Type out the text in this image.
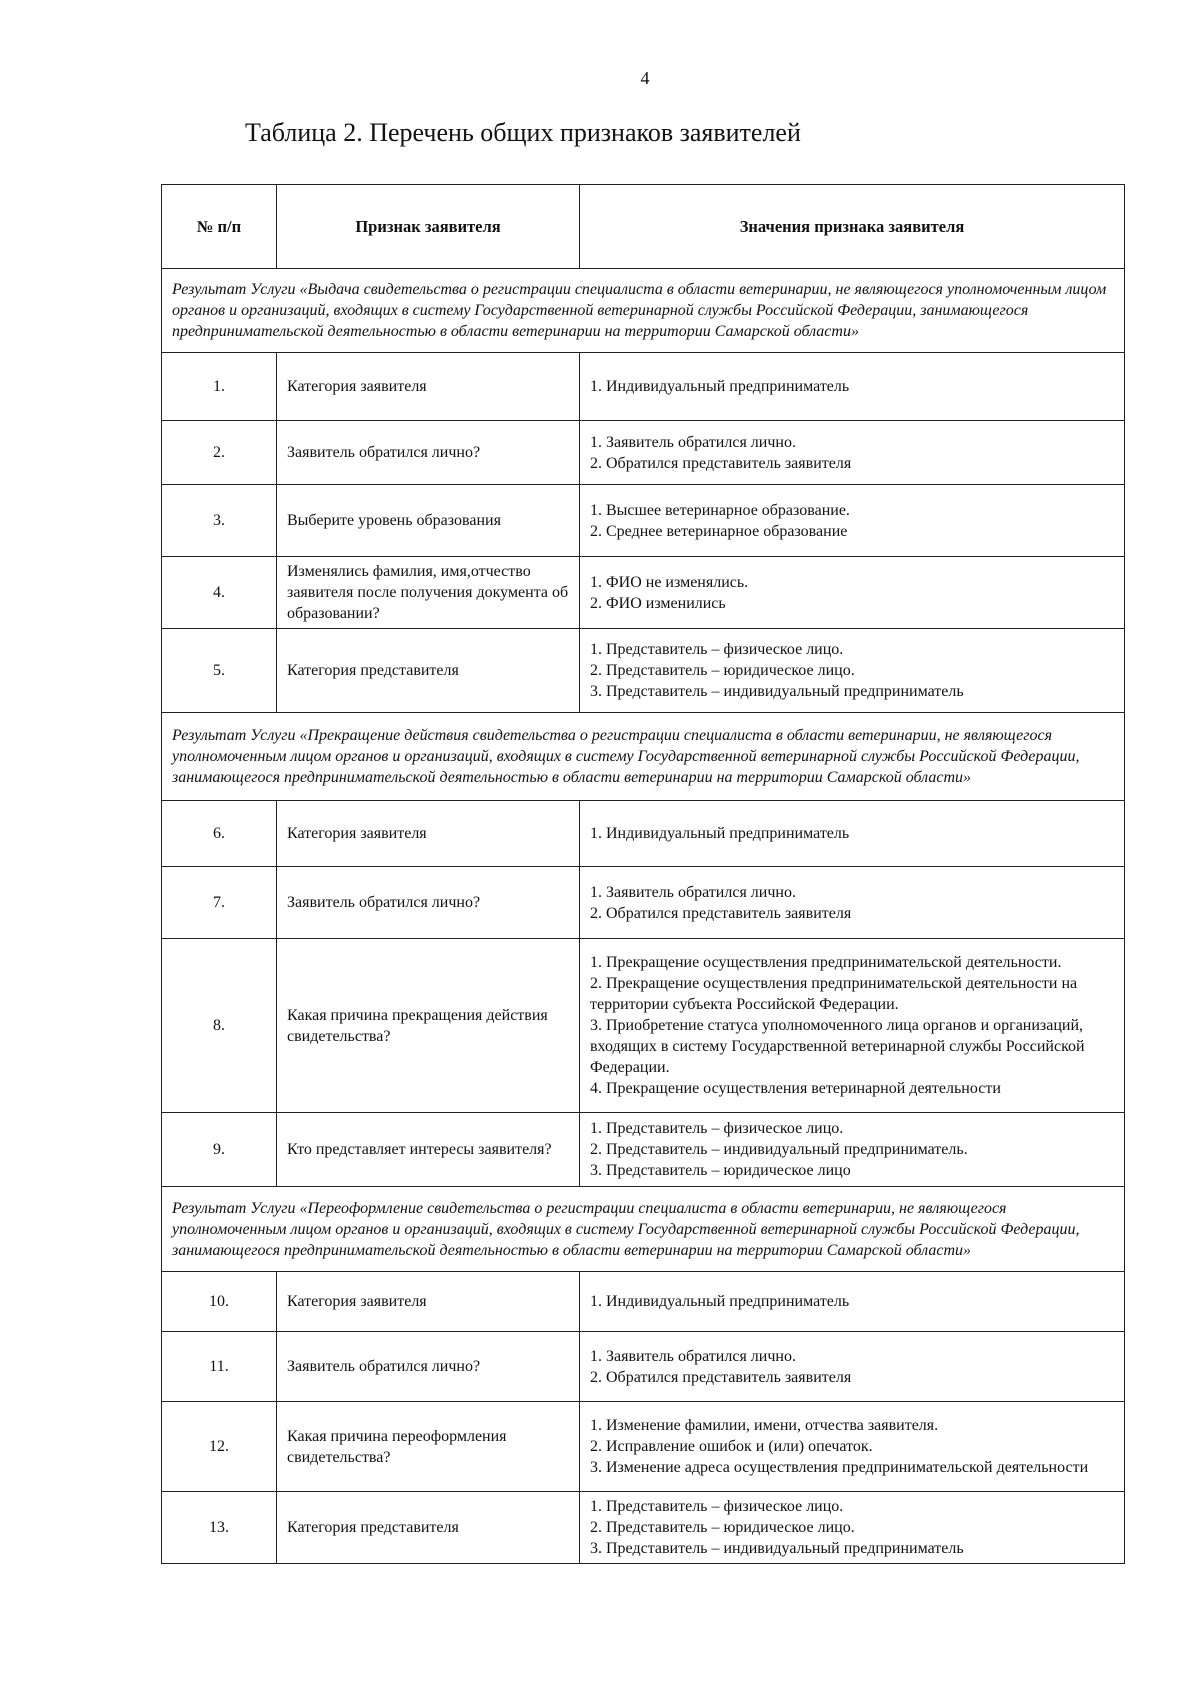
4
Таблица 2. Перечень общих признаков заявителей
№ п/п	Признак заявителя	Значения признака заявителя
Результат Услуги «Выдача свидетельства о регистрации специалиста в области ветеринарии, не являющегося уполномоченным лицом органов и организаций, входящих в систему Государственной ветеринарной службы Российской Федерации, занимающегося предпринимательской деятельностью в области ветеринарии на территории Самарской области»		
1.	Категория заявителя	1. Индивидуальный предприниматель

2.	Заявитель обратился лично?	1. Заявитель обратился лично.
2. Обратился представитель заявителя

3.	Выберите уровень образования	1. Высшее ветеринарное образование.
2. Среднее ветеринарное образование

4.	Изменялись фамилия, имя,отчество заявителя после получения документа об образовании?	1. ФИО не изменялись.
2. ФИО изменились

5.	Категория представителя	1. Представитель – физическое лицо.
2. Представитель – юридическое лицо.
3. Представитель – индивидуальный предприниматель

Результат Услуги «Прекращение действия свидетельства о регистрации специалиста в области ветеринарии, не являющегося уполномоченным лицом органов и организаций, входящих в систему Государственной ветеринарной службы Российской Федерации, занимающегося предпринимательской деятельностью в области ветеринарии на территории Самарской области»		
6.	Категория заявителя	1. Индивидуальный предприниматель

7.	Заявитель обратился лично?	1. Заявитель обратился лично.
2. Обратился представитель заявителя

8.	Какая причина прекращения действия свидетельства?	1. Прекращение осуществления предпринимательской деятельности.
2. Прекращение осуществления предпринимательской деятельности на территории субъекта Российской Федерации.
3. Приобретение статуса уполномоченного лица органов и организаций, входящих в систему Государственной ветеринарной службы Российской Федерации.
4. Прекращение осуществления ветеринарной деятельности

9.	Кто представляет интересы заявителя?	1. Представитель – физическое лицо.
2. Представитель – индивидуальный предприниматель.
3. Представитель – юридическое лицо

Результат Услуги «Переоформление свидетельства о регистрации специалиста в области ветеринарии, не являющегося уполномоченным лицом органов и организаций, входящих в систему Государственной ветеринарной службы Российской Федерации, занимающегося предпринимательской деятельностью в области ветеринарии на территории Самарской области»		
10.	Категория заявителя	1. Индивидуальный предприниматель

11.	Заявитель обратился лично?	1. Заявитель обратился лично.
2. Обратился представитель заявителя

12.	Какая причина переоформления свидетельства?	1. Изменение фамилии, имени, отчества заявителя.
2. Исправление ошибок и (или) опечаток.
3. Изменение адреса осуществления предпринимательской деятельности

13.	Категория представителя	1. Представитель – физическое лицо.
2. Представитель – юридическое лицо.
3. Представитель – индивидуальный предприниматель
